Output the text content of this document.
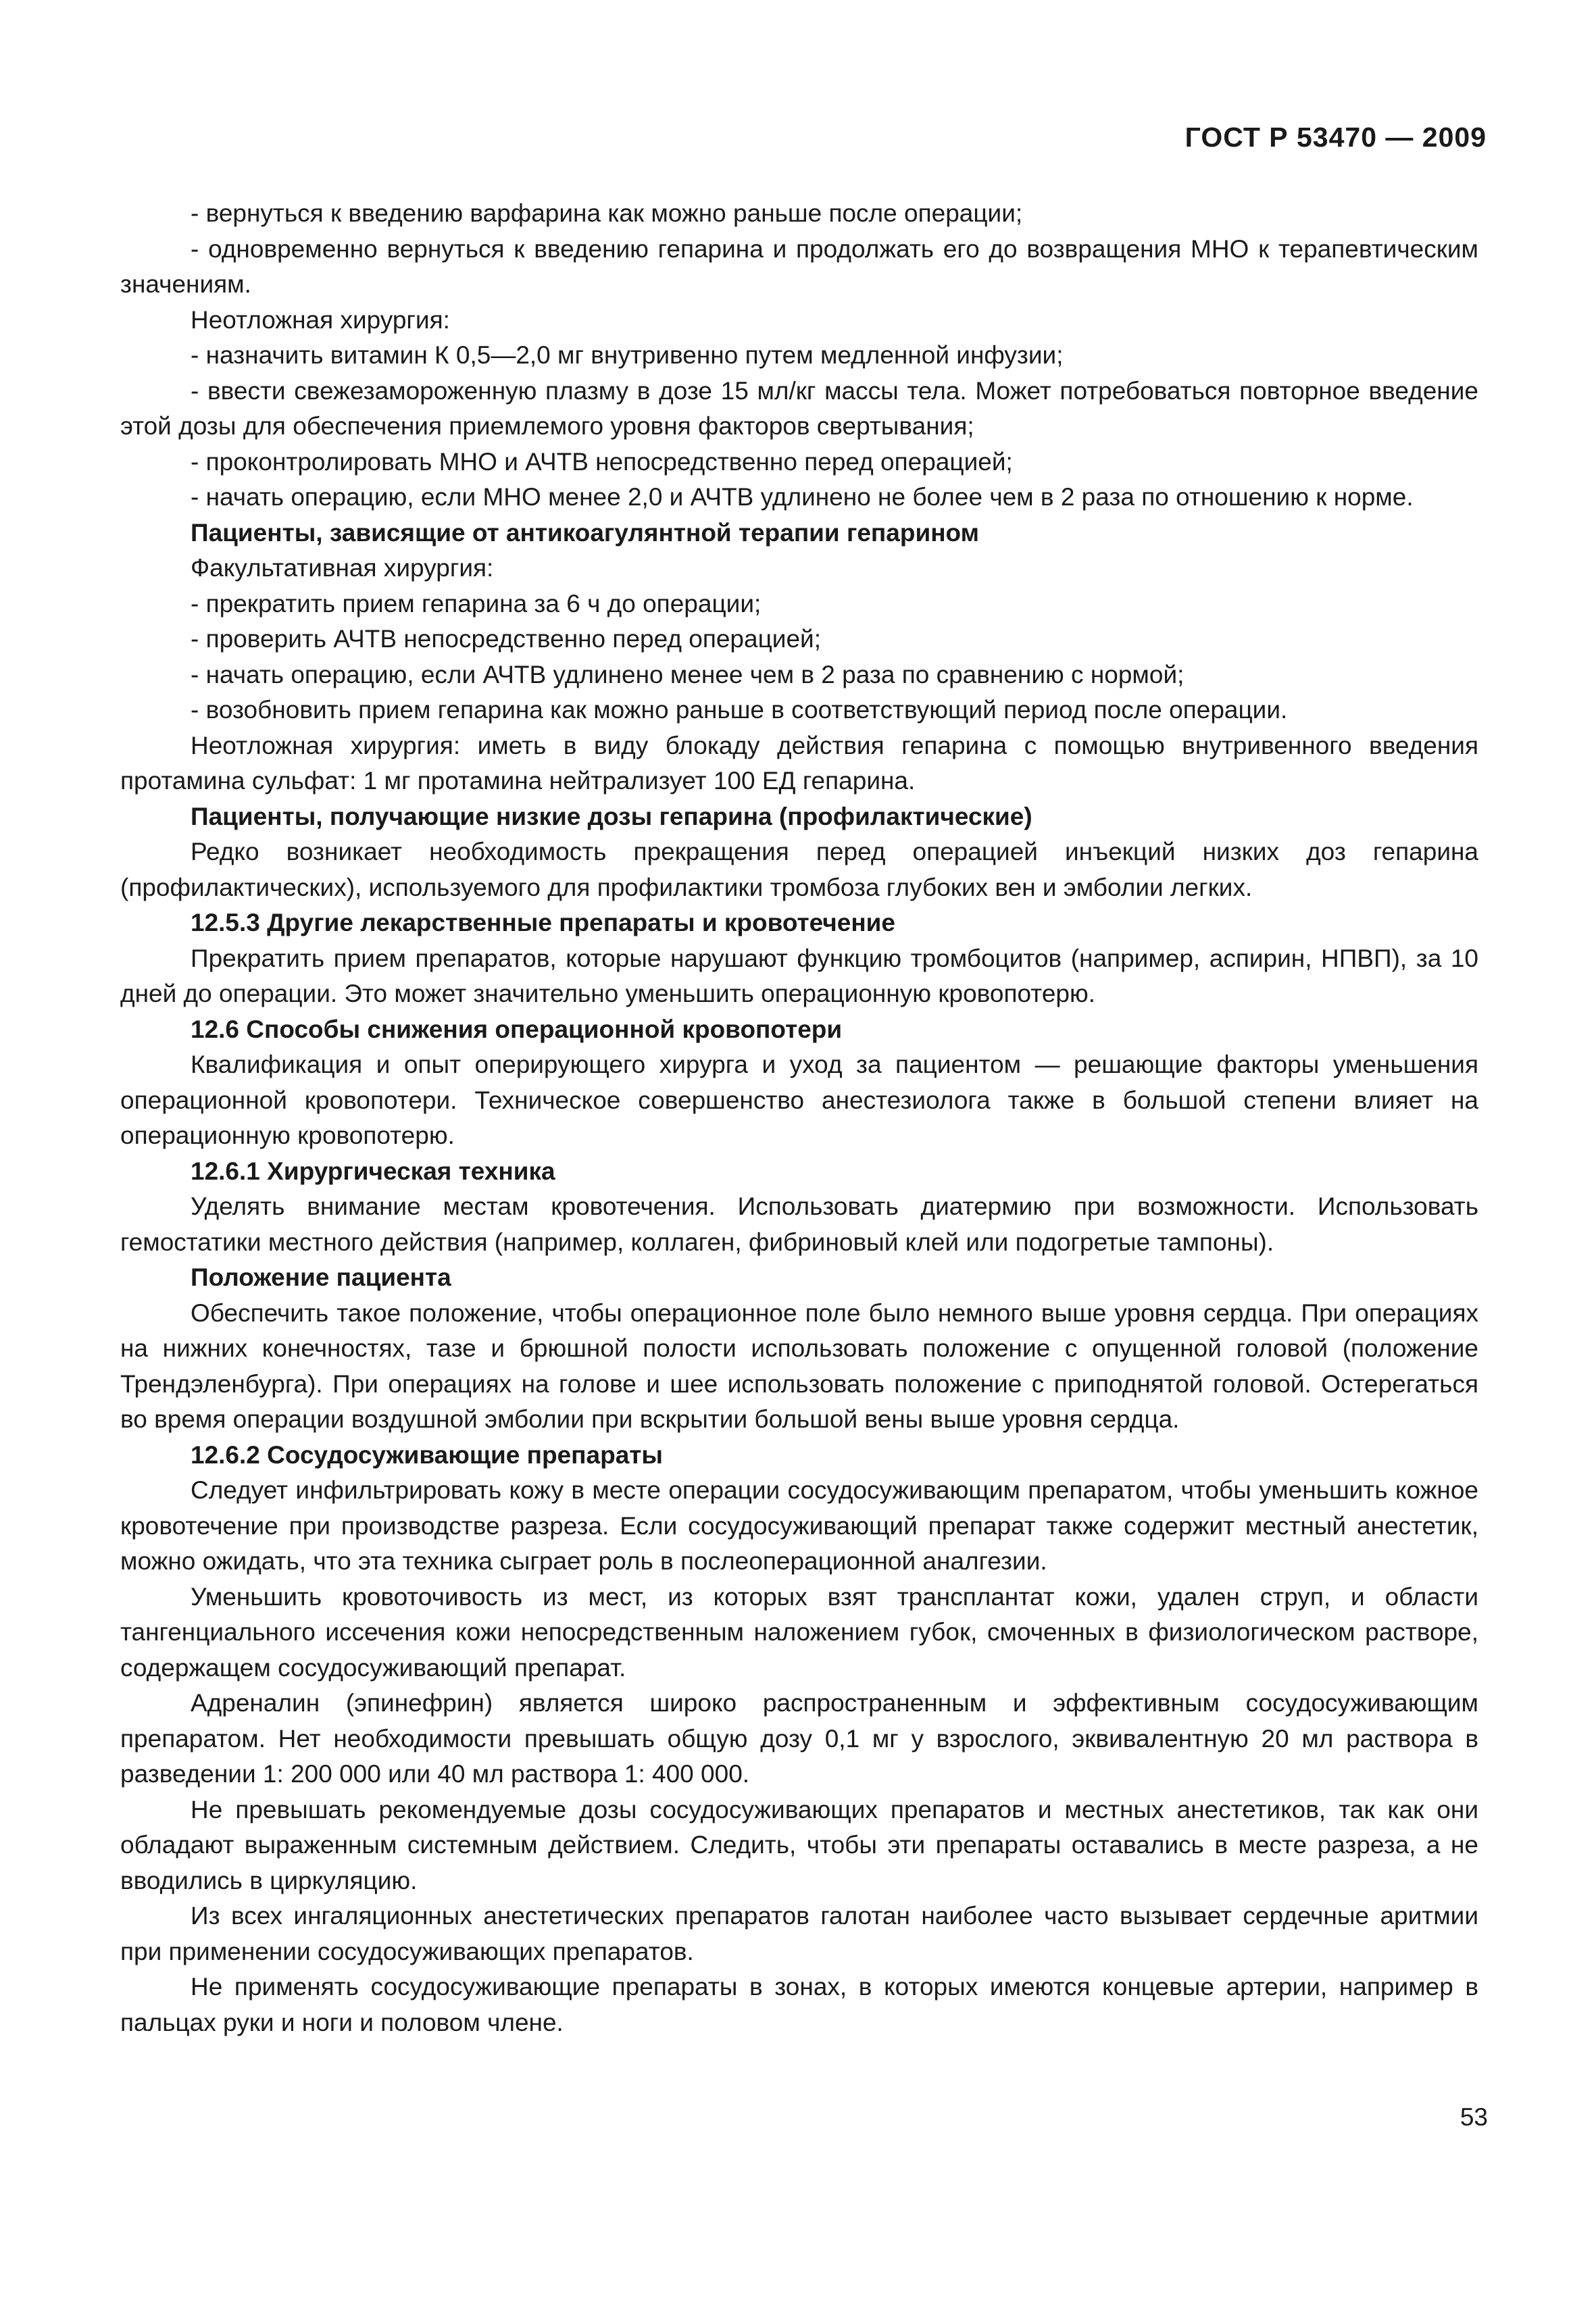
ГОСТ Р 53470 — 2009

- вернуться к введению варфарина как можно раньше после операции;

- одновременно вернуться к введению гепарина и продолжать его до возвращения МНО к терапевтическим значениям.

Неотложная хирургия:

- назначить витамин К 0,5—2,0 мг внутривенно путем медленной инфузии;

- ввести свежезамороженную плазму в дозе 15 мл/кг массы тела. Может потребоваться повторное введение этой дозы для обеспечения приемлемого уровня факторов свертывания;

- проконтролировать МНО и АЧТВ непосредственно перед операцией;

- начать операцию, если МНО менее 2,0 и АЧТВ удлинено не более чем в 2 раза по отношению к норме.

Пациенты, зависящие от антикоагулянтной терапии гепарином

Факультативная хирургия:

- прекратить прием гепарина за 6 ч до операции;

- проверить АЧТВ непосредственно перед операцией;

- начать операцию, если АЧТВ удлинено менее чем в 2 раза по сравнению с нормой;

- возобновить прием гепарина как можно раньше в соответствующий период после операции.

Неотложная хирургия: иметь в виду блокаду действия гепарина с помощью внутривенного введения протамина сульфат: 1 мг протамина нейтрализует 100 ЕД гепарина.

Пациенты, получающие низкие дозы гепарина (профилактические)

Редко возникает необходимость прекращения перед операцией инъекций низких доз гепарина (профилактических), используемого для профилактики тромбоза глубоких вен и эмболии легких.

12.5.3 Другие лекарственные препараты и кровотечение

Прекратить прием препаратов, которые нарушают функцию тромбоцитов (например, аспирин, НПВП), за 10 дней до операции. Это может значительно уменьшить операционную кровопотерю.

12.6 Способы снижения операционной кровопотери

Квалификация и опыт оперирующего хирурга и уход за пациентом — решающие факторы уменьшения операционной кровопотери. Техническое совершенство анестезиолога также в большой степени влияет на операционную кровопотерю.

12.6.1 Хирургическая техника

Уделять внимание местам кровотечения. Использовать диатермию при возможности. Использовать гемостатики местного действия (например, коллаген, фибриновый клей или подогретые тампоны).

Положение пациента

Обеспечить такое положение, чтобы операционное поле было немного выше уровня сердца. При операциях на нижних конечностях, тазе и брюшной полости использовать положение с опущенной головой (положение Трендэленбурга). При операциях на голове и шее использовать положение с приподнятой головой. Остерегаться во время операции воздушной эмболии при вскрытии большой вены выше уровня сердца.

12.6.2 Сосудосуживающие препараты

Следует инфильтрировать кожу в месте операции сосудосуживающим препаратом, чтобы уменьшить кожное кровотечение при производстве разреза. Если сосудосуживающий препарат также содержит местный анестетик, можно ожидать, что эта техника сыграет роль в послеоперационной аналгезии.

Уменьшить кровоточивость из мест, из которых взят трансплантат кожи, удален струп, и области тангенциального иссечения кожи непосредственным наложением губок, смоченных в физиологическом растворе, содержащем сосудосуживающий препарат.

Адреналин (эпинефрин) является широко распространенным и эффективным сосудосуживающим препаратом. Нет необходимости превышать общую дозу 0,1 мг у взрослого, эквивалентную 20 мл раствора в разведении 1: 200 000 или 40 мл раствора 1: 400 000.

Не превышать рекомендуемые дозы сосудосуживающих препаратов и местных анестетиков, так как они обладают выраженным системным действием. Следить, чтобы эти препараты оставались в месте разреза, а не вводились в циркуляцию.

Из всех ингаляционных анестетических препаратов галотан наиболее часто вызывает сердечные аритмии при применении сосудосуживающих препаратов.

Не применять сосудосуживающие препараты в зонах, в которых имеются концевые артерии, например в пальцах руки и ноги и половом члене.

53
